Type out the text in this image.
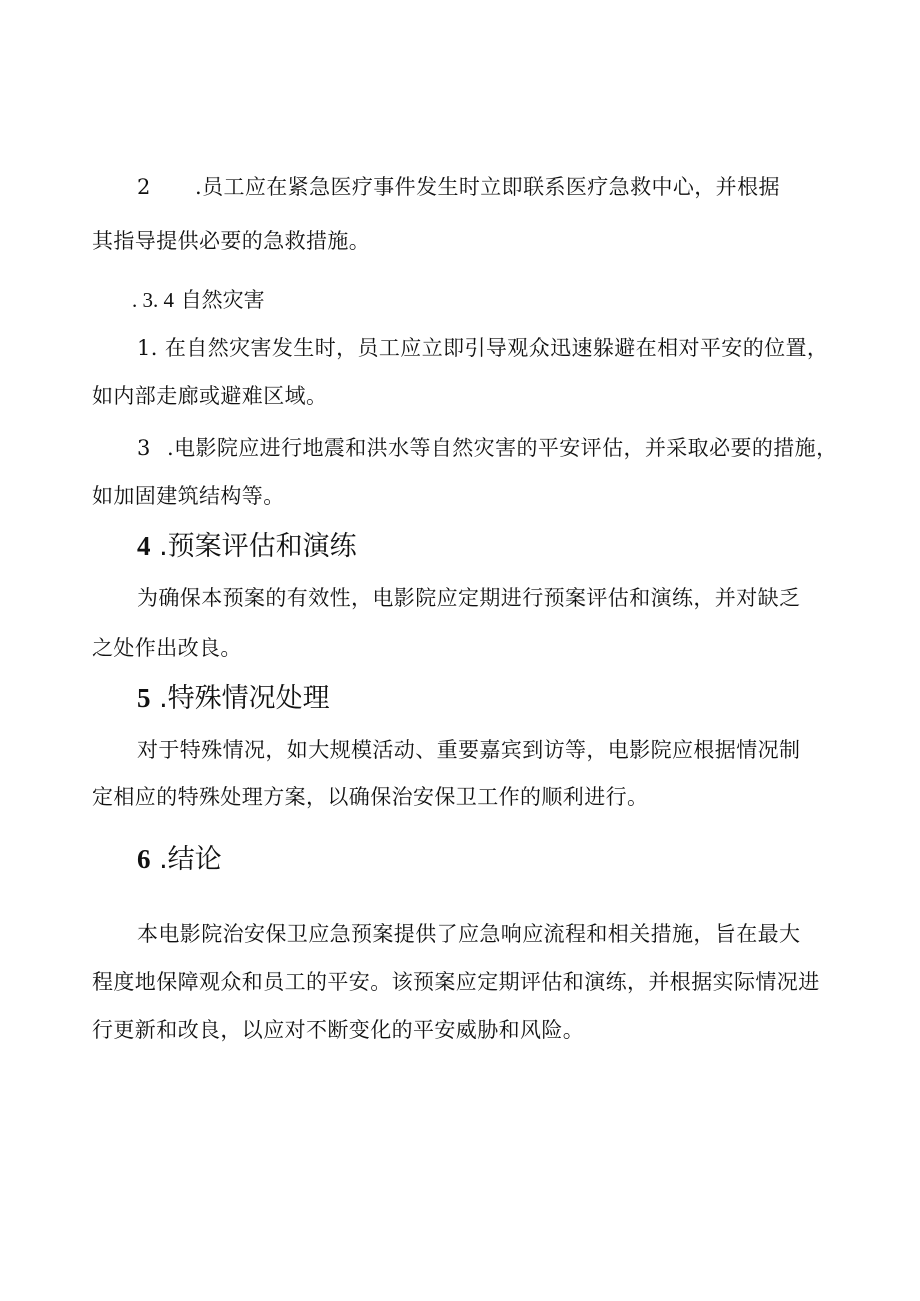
2 .员工应在紧急医疗事件发生时立即联系医疗急救中心，并根据
其指导提供必要的急救措施。
. 3. 4 自然灾害
1. 在自然灾害发生时，员工应立即引导观众迅速躲避在相对平安的位置，
如内部走廊或避难区域。
3 .电影院应进行地震和洪水等自然灾害的平安评估，并采取必要的措施，
如加固建筑结构等。
4 .预案评估和演练
为确保本预案的有效性，电影院应定期进行预案评估和演练，并对缺乏
之处作出改良。
5 .特殊情况处理
对于特殊情况，如大规模活动、重要嘉宾到访等，电影院应根据情况制
定相应的特殊处理方案，以确保治安保卫工作的顺利进行。
6 .结论
本电影院治安保卫应急预案提供了应急响应流程和相关措施，旨在最大
程度地保障观众和员工的平安。该预案应定期评估和演练，并根据实际情况进
行更新和改良，以应对不断变化的平安威胁和风险。
